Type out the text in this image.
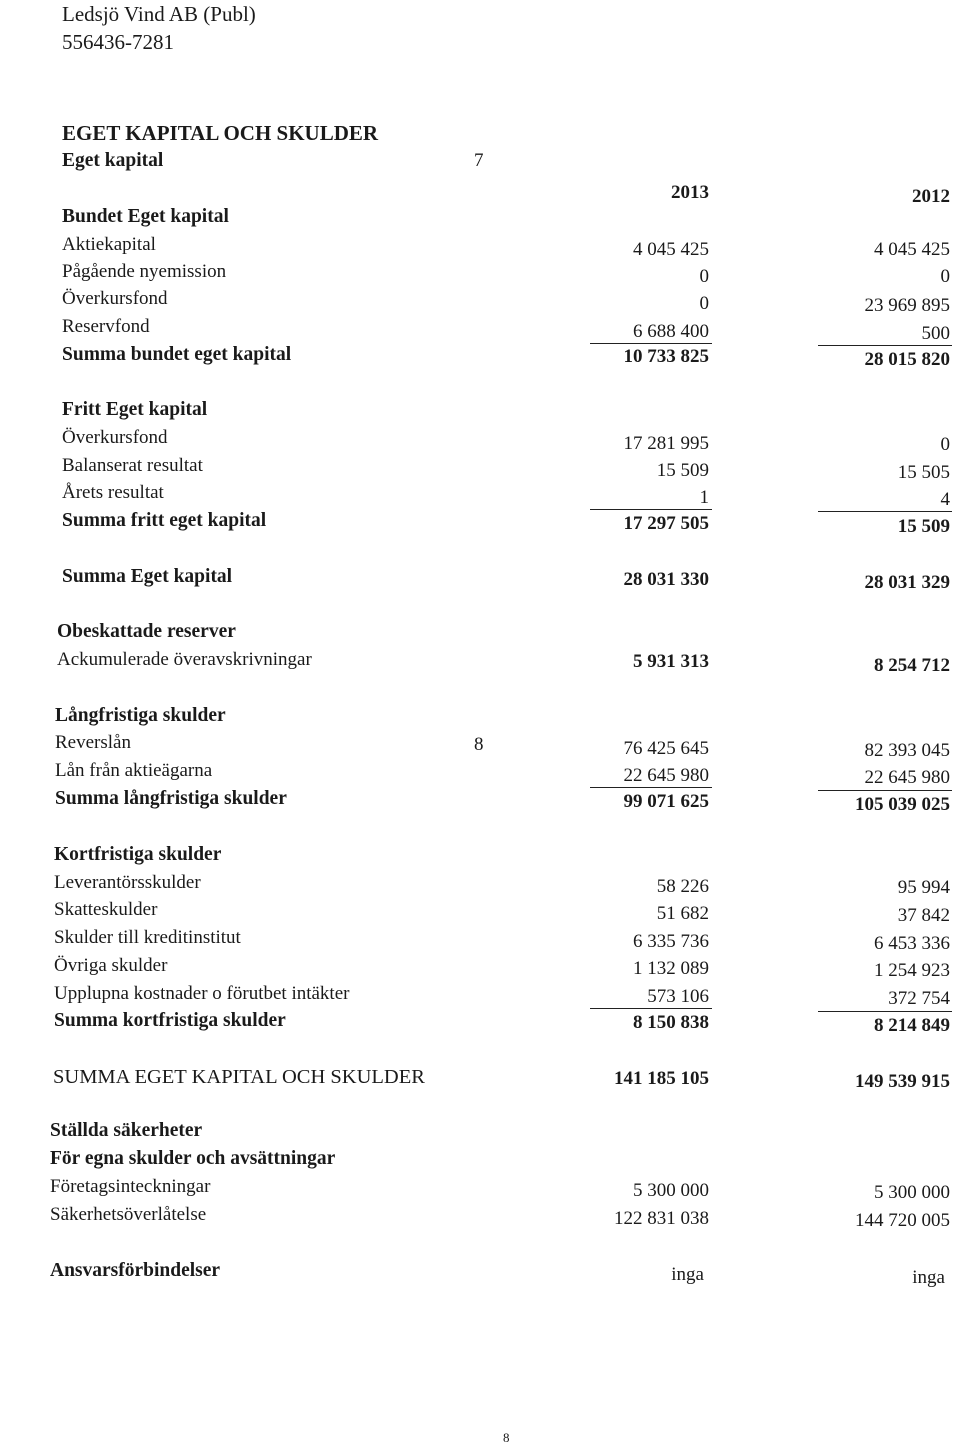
Ledsjö Vind AB (Publ)
556436-7281
EGET KAPITAL OCH SKULDER
Eget kapital	7
2013	2012
Bundet Eget kapital
Aktiekapital	4 045 425	4 045 425
Pågående nyemission	0	0
Överkursfond	0	23 969 895
Reservfond	6 688 400	500
Summa bundet eget kapital	10 733 825	28 015 820
Fritt Eget kapital
Överkursfond	17 281 995	0
Balanserat resultat	15 509	15 505
Årets resultat	1	4
Summa fritt eget kapital	17 297 505	15 509
Summa Eget kapital	28 031 330	28 031 329
Obeskattade reserver
Ackumulerade överavskrivningar	5 931 313	8 254 712
Långfristiga skulder
Reverslån	8	76 425 645	82 393 045
Lån från aktieägarna	22 645 980	22 645 980
Summa långfristiga skulder	99 071 625	105 039 025
Kortfristiga skulder
Leverantörsskulder	58 226	95 994
Skatteskulder	51 682	37 842
Skulder till kreditinstitut	6 335 736	6 453 336
Övriga skulder	1 132 089	1 254 923
Upplupna kostnader o förutbet intäkter	573 106	372 754
Summa kortfristiga skulder	8 150 838	8 214 849
SUMMA EGET KAPITAL OCH SKULDER	141 185 105	149 539 915
Ställda säkerheter
För egna skulder och avsättningar
Företagsinteckningar	5 300 000	5 300 000
Säkerhetsöverlåtelse	122 831 038	144 720 005
Ansvarsförbindelser	inga	inga
8
